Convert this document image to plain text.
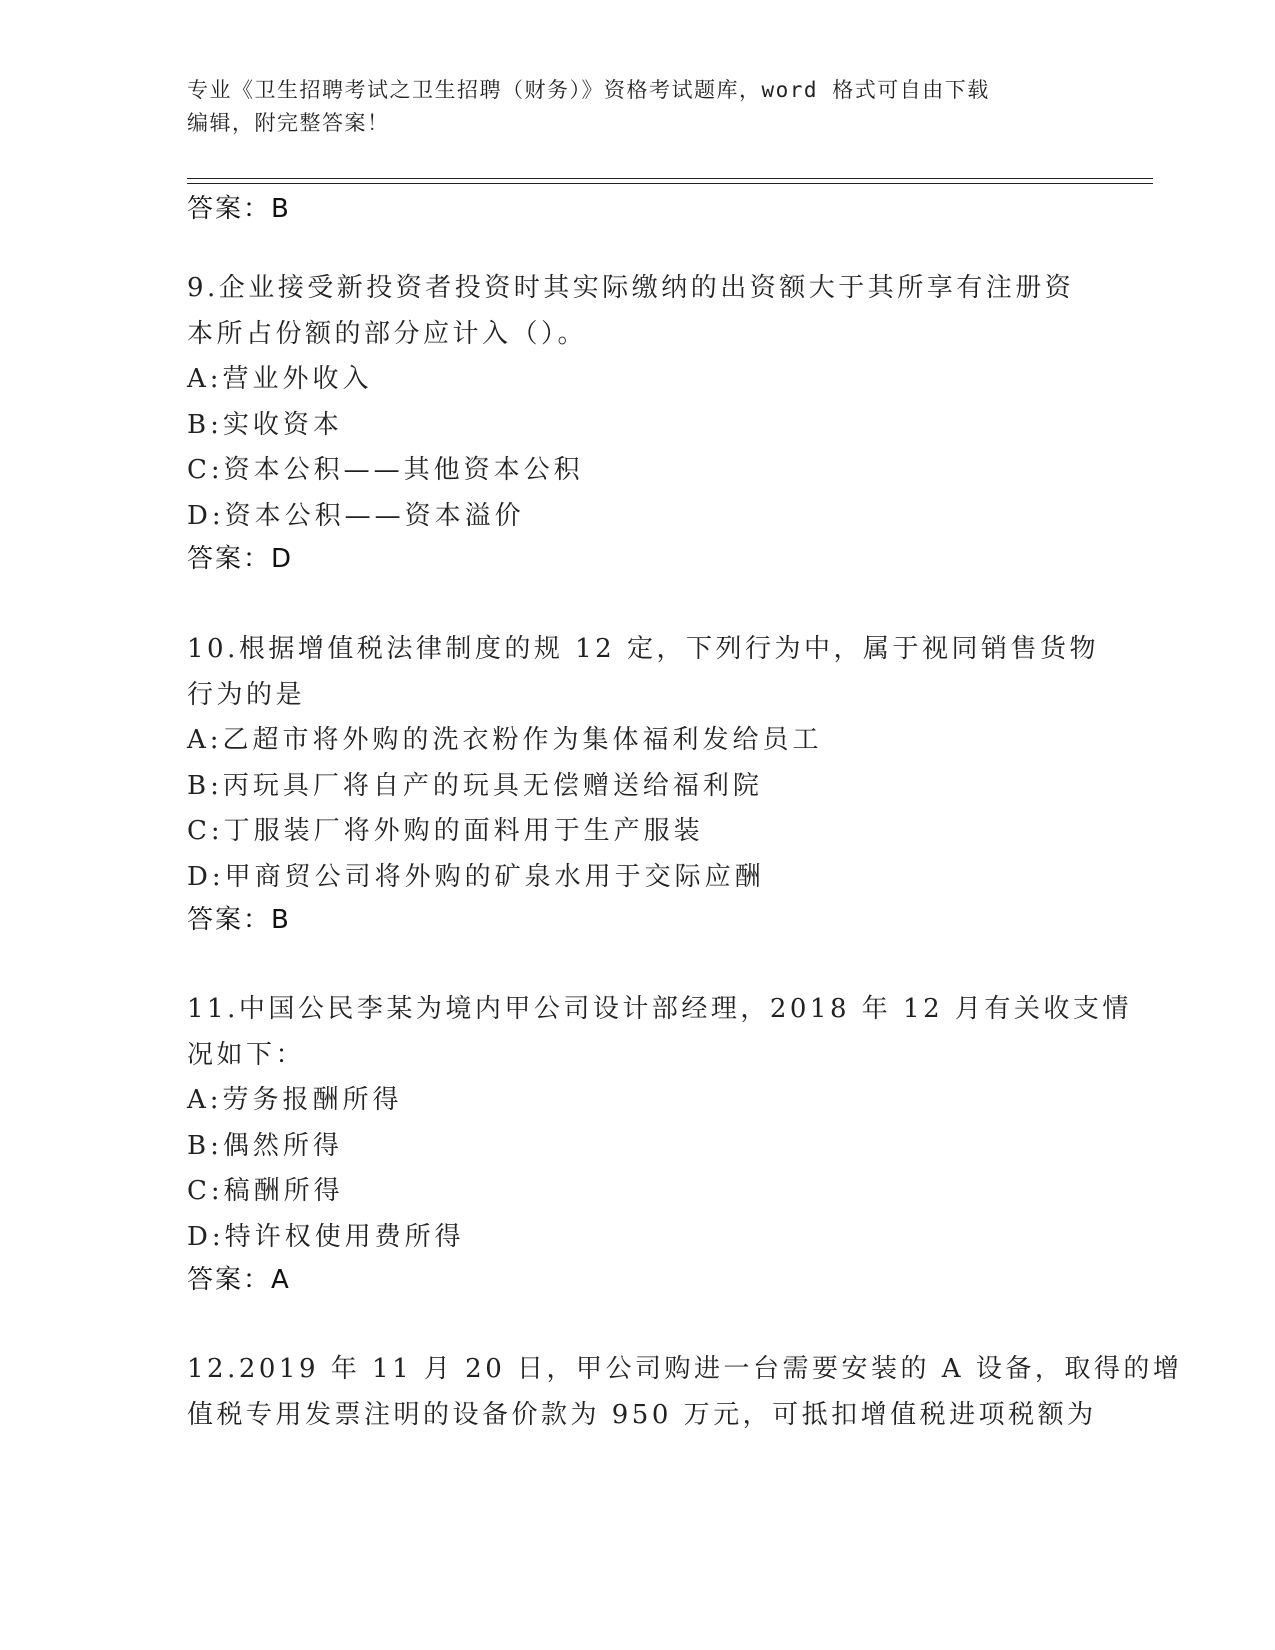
专业《卫生招聘考试之卫生招聘（财务）》资格考试题库，word 格式可自由下载
编辑，附完整答案！
答案：B
9.企业接受新投资者投资时其实际缴纳的出资额大于其所享有注册资
本所占份额的部分应计入（）。
A:营业外收入
B:实收资本
C:资本公积——其他资本公积
D:资本公积——资本溢价
答案：D
10.根据增值税法律制度的规 12 定，下列行为中，属于视同销售货物
行为的是
A:乙超市将外购的洗衣粉作为集体福利发给员工
B:丙玩具厂将自产的玩具无偿赠送给福利院
C:丁服装厂将外购的面料用于生产服装
D:甲商贸公司将外购的矿泉水用于交际应酬
答案：B
11.中国公民李某为境内甲公司设计部经理，2018 年 12 月有关收支情
况如下：
A:劳务报酬所得
B:偶然所得
C:稿酬所得
D:特许权使用费所得
答案：A
12.2019 年 11 月 20 日，甲公司购进一台需要安装的 A 设备，取得的增
值税专用发票注明的设备价款为 950 万元，可抵扣增值税进项税额为
